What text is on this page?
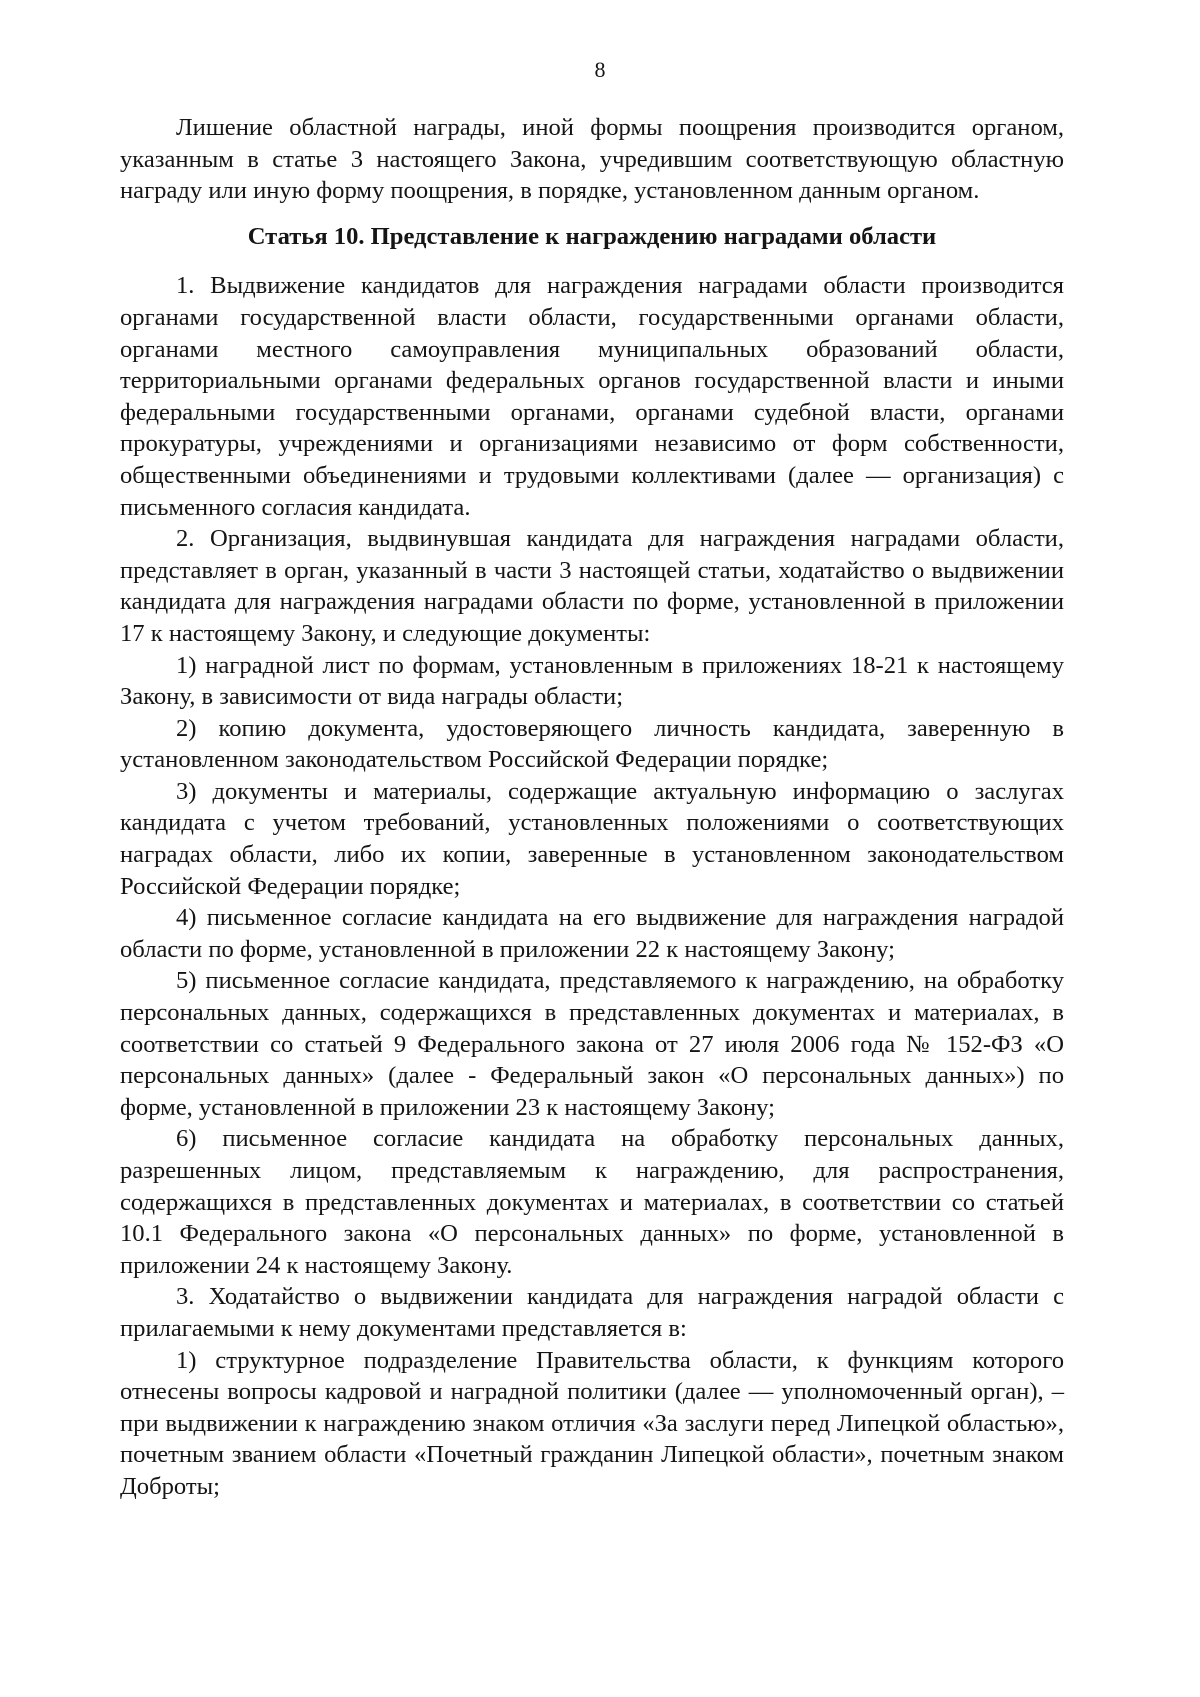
8

Лишение областной награды, иной формы поощрения производится органом, указанным в статье 3 настоящего Закона, учредившим соответствующую областную награду или иную форму поощрения, в порядке, установленном данным органом.

Статья 10. Представление к награждению наградами области

1. Выдвижение кандидатов для награждения наградами области производится органами государственной власти области, государственными органами области, органами местного самоуправления муниципальных образований области, территориальными органами федеральных органов государственной власти и иными федеральными государственными органами, органами судебной власти, органами прокуратуры, учреждениями и организациями независимо от форм собственности, общественными объединениями и трудовыми коллективами (далее — организация) с письменного согласия кандидата.

2. Организация, выдвинувшая кандидата для награждения наградами области, представляет в орган, указанный в части 3 настоящей статьи, ходатайство о выдвижении кандидата для награждения наградами области по форме, установленной в приложении 17 к настоящему Закону, и следующие документы:

1) наградной лист по формам, установленным в приложениях 18-21 к настоящему Закону, в зависимости от вида награды области;

2) копию документа, удостоверяющего личность кандидата, заверенную в установленном законодательством Российской Федерации порядке;

3) документы и материалы, содержащие актуальную информацию о заслугах кандидата с учетом требований, установленных положениями о соответствующих наградах области, либо их копии, заверенные в установленном законодательством Российской Федерации порядке;

4) письменное согласие кандидата на его выдвижение для награждения наградой области по форме, установленной в приложении 22 к настоящему Закону;

5) письменное согласие кандидата, представляемого к награждению, на обработку персональных данных, содержащихся в представленных документах и материалах, в соответствии со статьей 9 Федерального закона от 27 июля 2006 года № 152-ФЗ «О персональных данных» (далее - Федеральный закон «О персональных данных») по форме, установленной в приложении 23 к настоящему Закону;

6) письменное согласие кандидата на обработку персональных данных, разрешенных лицом, представляемым к награждению, для распространения, содержащихся в представленных документах и материалах, в соответствии со статьей 10.1 Федерального закона «О персональных данных» по форме, установленной в приложении 24 к настоящему Закону.

3. Ходатайство о выдвижении кандидата для награждения наградой области с прилагаемыми к нему документами представляется в:

1) структурное подразделение Правительства области, к функциям которого отнесены вопросы кадровой и наградной политики (далее — уполномоченный орган), – при выдвижении к награждению знаком отличия «За заслуги перед Липецкой областью», почетным званием области «Почетный гражданин Липецкой области», почетным знаком Доброты;
